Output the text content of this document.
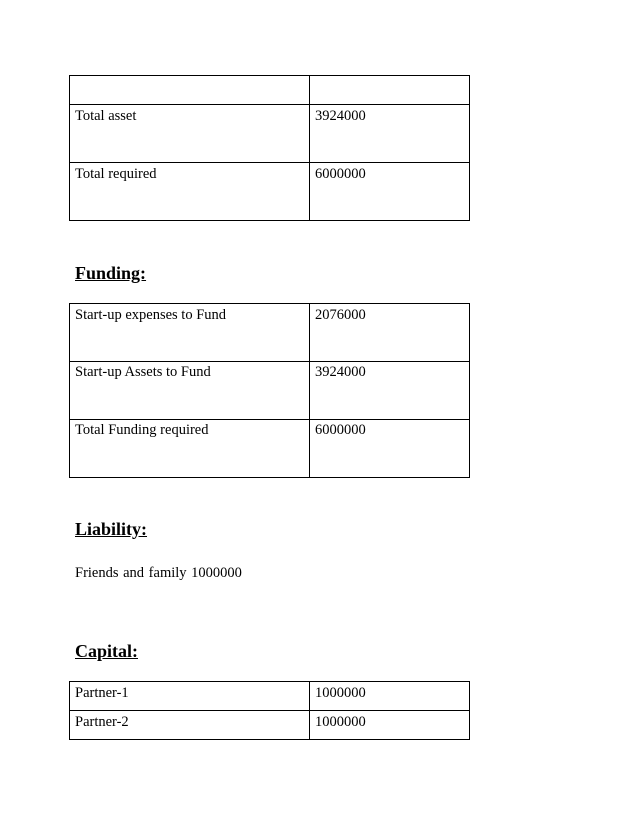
Total asset	3924000
Total required	6000000
Funding:
Start-up expenses to Fund	2076000
Start-up Assets to Fund	3924000
Total Funding required	6000000
Liability:
Friends and family 1000000
Capital:
Partner-1	1000000
Partner-2	1000000
